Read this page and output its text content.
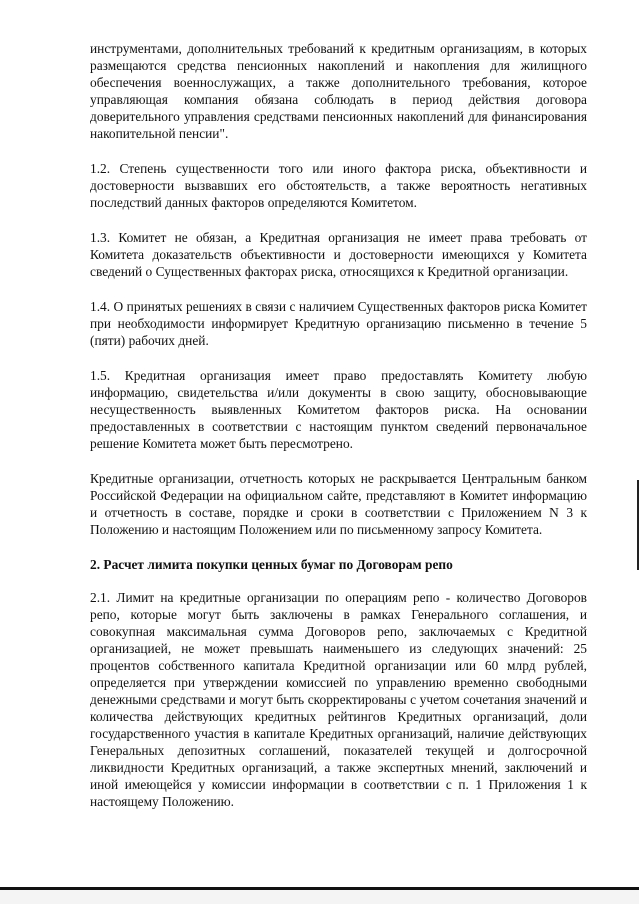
инструментами, дополнительных требований к кредитным организациям, в которых размещаются средства пенсионных накоплений и накопления для жилищного обеспечения военнослужащих, а также дополнительного требования, которое управляющая компания обязана соблюдать в период действия договора доверительного управления средствами пенсионных накоплений для финансирования накопительной пенсии".

1.2. Степень существенности того или иного фактора риска, объективности и достоверности вызвавших его обстоятельств, а также вероятность негативных последствий данных факторов определяются Комитетом.

1.3. Комитет не обязан, а Кредитная организация не имеет права требовать от Комитета доказательств объективности и достоверности имеющихся у Комитета сведений о Существенных факторах риска, относящихся к Кредитной организации.

1.4. О принятых решениях в связи с наличием Существенных факторов риска Комитет при необходимости информирует Кредитную организацию письменно в течение 5 (пяти) рабочих дней.

1.5. Кредитная организация имеет право предоставлять Комитету любую информацию, свидетельства и/или документы в свою защиту, обосновывающие несущественность выявленных Комитетом факторов риска. На основании предоставленных в соответствии с настоящим пунктом сведений первоначальное решение Комитета может быть пересмотрено.

Кредитные организации, отчетность которых не раскрывается Центральным банком Российской Федерации на официальном сайте, представляют в Комитет информацию и отчетность в составе, порядке и сроки в соответствии с Приложением N 3 к Положению и настоящим Положением или по письменному запросу Комитета.

2. Расчет лимита покупки ценных бумаг по Договорам репо

2.1. Лимит на кредитные организации по операциям репо - количество Договоров репо, которые могут быть заключены в рамках Генерального соглашения, и совокупная максимальная сумма Договоров репо, заключаемых с Кредитной организацией, не может превышать наименьшего из следующих значений: 25 процентов собственного капитала Кредитной организации или 60 млрд рублей, определяется при утверждении комиссией по управлению временно свободными денежными средствами и могут быть скорректированы с учетом сочетания значений и количества действующих кредитных рейтингов Кредитных организаций, доли государственного участия в капитале Кредитных организаций, наличие действующих Генеральных депозитных соглашений, показателей текущей и долгосрочной ликвидности Кредитных организаций, а также экспертных мнений, заключений и иной имеющейся у комиссии информации в соответствии с п. 1 Приложения 1 к настоящему Положению.
